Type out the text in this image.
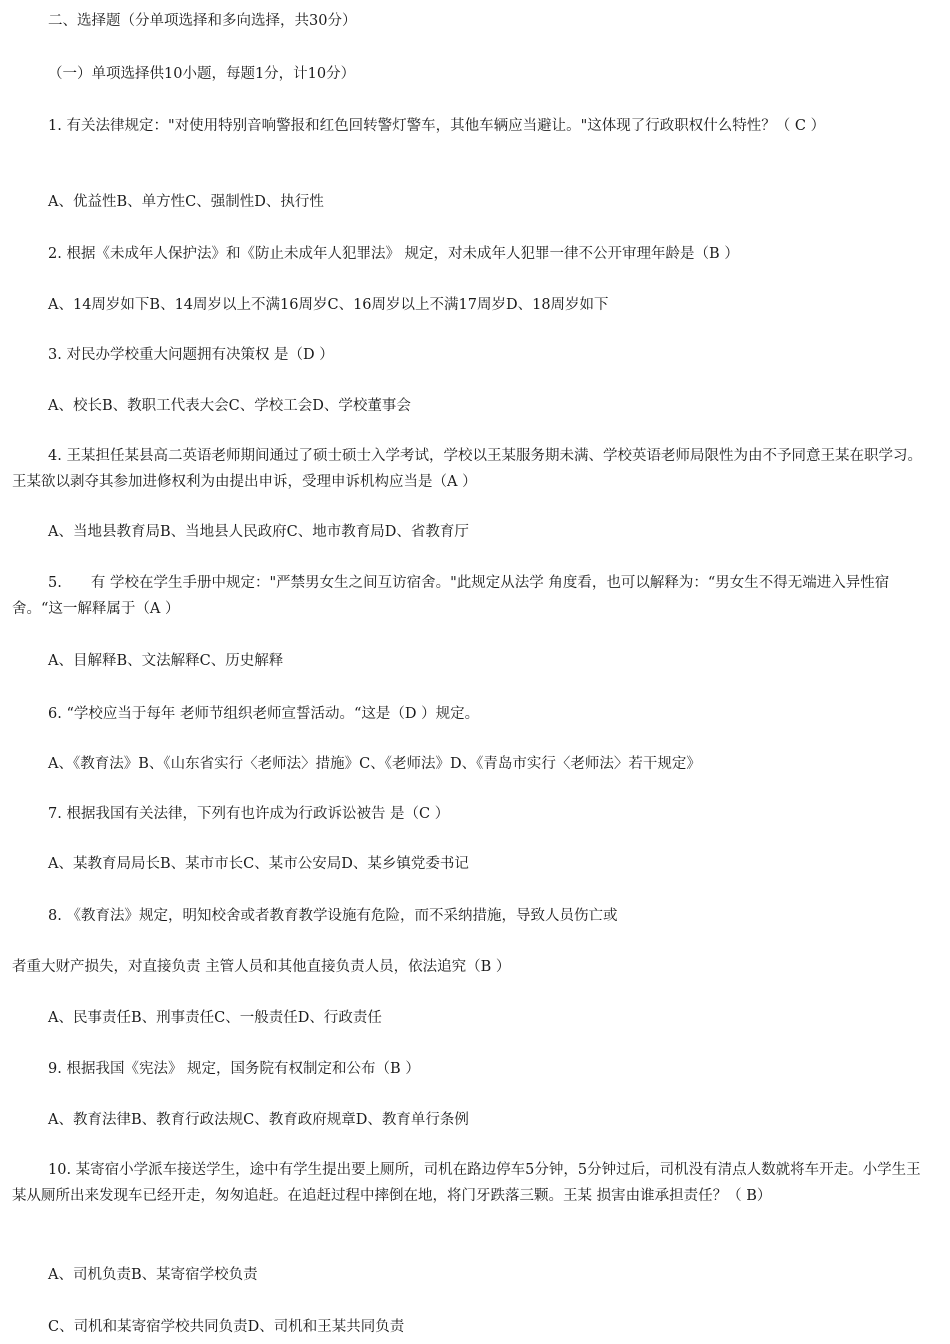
二、选择题（分单项选择和多向选择，共30分）

（一）单项选择供10小题，每题1分，计10分）

1. 有关法律规定："对使用特别音响警报和红色回转警灯警车，其他车辆应当避让。"这体现了行政职权什么特性？（ C ）

A、优益性B、单方性C、强制性D、执行性

2. 根据《未成年人保护法》和《防止未成年人犯罪法》 规定，对未成年人犯罪一律不公开审理年龄是（B ）

A、14周岁如下B、14周岁以上不满16周岁C、16周岁以上不满17周岁D、18周岁如下

3. 对民办学校重大问题拥有决策权 是（D ）

A、校长B、教职工代表大会C、学校工会D、学校董事会

4. 王某担任某县高二英语老师期间通过了硕士硕士入学考试，学校以王某服务期未满、学校英语老师局限性为由不予同意王某在职学习。王某欲以剥夺其参加进修权利为由提出申诉，受理申诉机构应当是（A ）

A、当地县教育局B、当地县人民政府C、地市教育局D、省教育厅

5.　　有 学校在学生手册中规定："严禁男女生之间互访宿舍。"此规定从法学 角度看，也可以解释为：“男女生不得无端进入异性宿舍。“这一解释属于（A ）

A、目解释B、文法解释C、历史解释

6. “学校应当于每年 老师节组织老师宣誓活动。“这是（D ）规定。

A、《教育法》B、《山东省实行〈老师法〉措施》C、《老师法》D、《青岛市实行〈老师法〉若干规定》

7. 根据我国有关法律，下列有也许成为行政诉讼被告 是（C ）

A、某教育局局长B、某市市长C、某市公安局D、某乡镇党委书记

8. 《教育法》规定，明知校舍或者教育教学设施有危险，而不采纳措施，导致人员伤亡或

者重大财产损失，对直接负责 主管人员和其他直接负责人员，依法追究（B ）

A、民事责任B、刑事责任C、一般责任D、行政责任

9. 根据我国《宪法》 规定，国务院有权制定和公布（B ）

A、教育法律B、教育行政法规C、教育政府规章D、教育单行条例

10. 某寄宿小学派车接送学生，途中有学生提出要上厕所，司机在路边停车5分钟，5分钟过后，司机没有清点人数就将车开走。小学生王某从厕所出来发现车已经开走，匆匆追赶。在追赶过程中摔倒在地，将门牙跌落三颗。王某 损害由谁承担责任？（ B）

A、司机负责B、某寄宿学校负责

C、司机和某寄宿学校共同负责D、司机和王某共同负责
